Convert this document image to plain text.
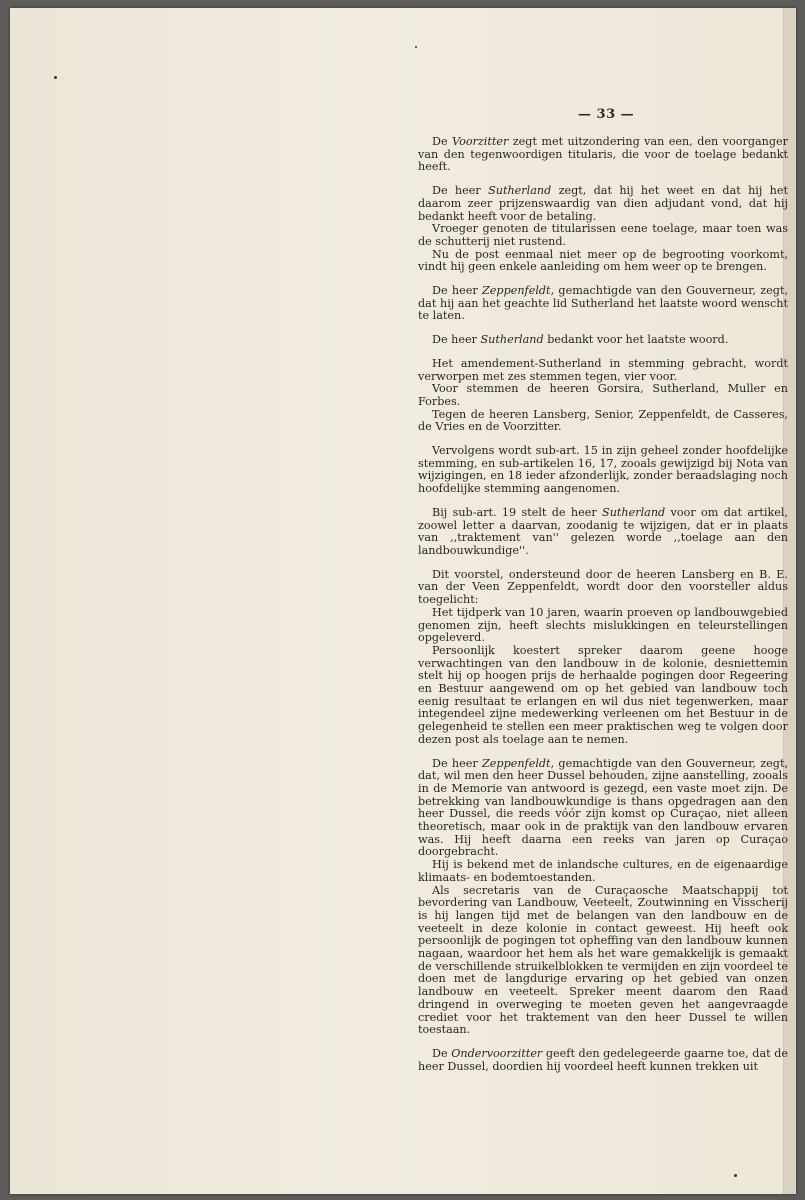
— 33 —

De Voorzitter zegt met uitzondering van een, den voorganger van den tegenwoordigen titularis, die voor de toelage bedankt heeft.

De heer Sutherland zegt, dat hij het weet en dat hij het daarom zeer prijzenswaardig van dien adjudant vond, dat hij bedankt heeft voor de betaling.

Vroeger genoten de titularissen eene toelage, maar toen was de schutterij niet rustend.

Nu de post eenmaal niet meer op de begrooting voorkomt, vindt hij geen enkele aanleiding om hem weer op te brengen.

De heer Zeppenfeldt, gemachtigde van den Gouverneur, zegt, dat hij aan het geachte lid Sutherland het laatste woord wenscht te laten.

De heer Sutherland bedankt voor het laatste woord.

Het amendement-Sutherland in stemming gebracht, wordt verworpen met zes stemmen tegen, vier voor.

Voor stemmen de heeren Gorsira, Sutherland, Muller en Forbes.

Tegen de heeren Lansberg, Senior, Zeppenfeldt, de Casseres, de Vries en de Voorzitter.

Vervolgens wordt sub-art. 15 in zijn geheel zonder hoofdelijke stemming, en sub-artikelen 16, 17, zooals gewijzigd bij Nota van wijzigingen, en 18 ieder afzonderlijk, zonder beraadslaging noch hoofdelijke stemming aangenomen.

Bij sub-art. 19 stelt de heer Sutherland voor om dat artikel, zoowel letter a daarvan, zoodanig te wijzigen, dat er in plaats van ,,traktement van'' gelezen worde ,,toelage aan den landbouwkundige''.

Dit voorstel, ondersteund door de heeren Lansberg en B. E. van der Veen Zeppenfeldt, wordt door den voorsteller aldus toegelicht:

Het tijdperk van 10 jaren, waarin proeven op landbouwgebied genomen zijn, heeft slechts mislukkingen en teleurstellingen opgeleverd.

Persoonlijk koestert spreker daarom geene hooge verwachtingen van den landbouw in de kolonie, desniettemin stelt hij op hoogen prijs de herhaalde pogingen door Regeering en Bestuur aangewend om op het gebied van landbouw toch eenig resultaat te erlangen en wil dus niet tegenwerken, maar integendeel zijne medewerking verleenen om het Bestuur in de gelegenheid te stellen een meer praktischen weg te volgen door dezen post als toelage aan te nemen.

De heer Zeppenfeldt, gemachtigde van den Gouverneur, zegt, dat, wil men den heer Dussel behouden, zijne aanstelling, zooals in de Memorie van antwoord is gezegd, een vaste moet zijn. De betrekking van landbouwkundige is thans opgedragen aan den heer Dussel, die reeds vóór zijn komst op Curaçao, niet alleen theoretisch, maar ook in de praktijk van den landbouw ervaren was. Hij heeft daarna een reeks van jaren op Curaçao doorgebracht.

Hij is bekend met de inlandsche cultures, en de eigenaardige klimaats- en bodemtoestanden.

Als secretaris van de Curaçaosche Maatschappij tot bevordering van Landbouw, Veeteelt, Zoutwinning en Visscherij is hij langen tijd met de belangen van den landbouw en de veeteelt in deze kolonie in contact geweest. Hij heeft ook persoonlijk de pogingen tot opheffing van den landbouw kunnen nagaan, waardoor het hem als het ware gemakkelijk is gemaakt de verschillende struikelblokken te vermijden en zijn voordeel te doen met de langdurige ervaring op het gebied van onzen landbouw en veeteelt. Spreker meent daarom den Raad dringend in overweging te moeten geven het aangevraagde crediet voor het traktement van den heer Dussel te willen toestaan.

De Ondervoorzitter geeft den gedelegeerde gaarne toe, dat de heer Dussel, doordien hij voordeel heeft kunnen trekken uit
